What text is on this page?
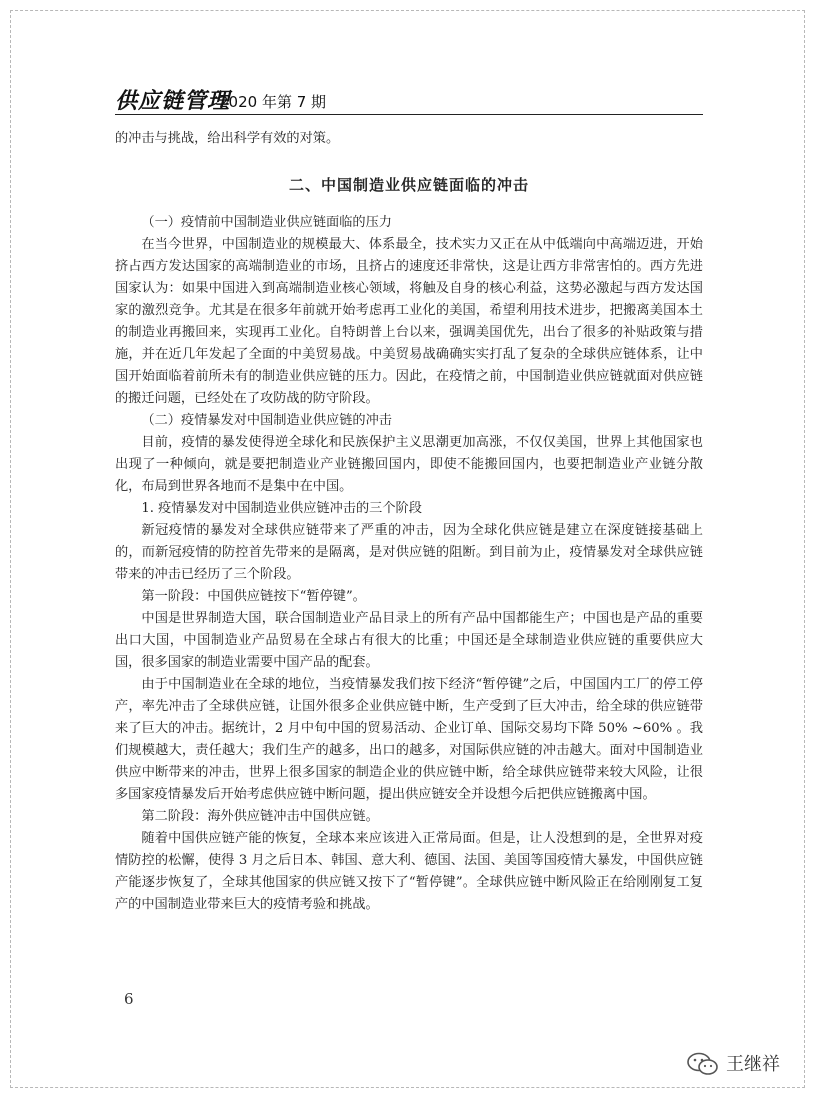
供应链管理
2020 年第 7 期

的冲击与挑战，给出科学有效的对策。

二、中国制造业供应链面临的冲击

（一）疫情前中国制造业供应链面临的压力

在当今世界，中国制造业的规模最大、体系最全，技术实力又正在从中低端向中高端迈进，开始挤占西方发达国家的高端制造业的市场，且挤占的速度还非常快，这是让西方非常害怕的。西方先进国家认为：如果中国进入到高端制造业核心领域，将触及自身的核心利益，这势必激起与西方发达国家的激烈竞争。尤其是在很多年前就开始考虑再工业化的美国，希望利用技术进步，把搬离美国本土的制造业再搬回来，实现再工业化。自特朗普上台以来，强调美国优先，出台了很多的补贴政策与措施，并在近几年发起了全面的中美贸易战。中美贸易战确确实实打乱了复杂的全球供应链体系，让中国开始面临着前所未有的制造业供应链的压力。因此，在疫情之前，中国制造业供应链就面对供应链的搬迁问题，已经处在了攻防战的防守阶段。

（二）疫情暴发对中国制造业供应链的冲击

目前，疫情的暴发使得逆全球化和民族保护主义思潮更加高涨，不仅仅美国，世界上其他国家也出现了一种倾向，就是要把制造业产业链搬回国内，即使不能搬回国内，也要把制造业产业链分散化，布局到世界各地而不是集中在中国。

1. 疫情暴发对中国制造业供应链冲击的三个阶段

新冠疫情的暴发对全球供应链带来了严重的冲击，因为全球化供应链是建立在深度链接基础上的，而新冠疫情的防控首先带来的是隔离，是对供应链的阻断。到目前为止，疫情暴发对全球供应链带来的冲击已经历了三个阶段。

第一阶段：中国供应链按下“暂停键”。

中国是世界制造大国，联合国制造业产品目录上的所有产品中国都能生产；中国也是产品的重要出口大国，中国制造业产品贸易在全球占有很大的比重；中国还是全球制造业供应链的重要供应大国，很多国家的制造业需要中国产品的配套。

由于中国制造业在全球的地位，当疫情暴发我们按下经济“暂停键”之后，中国国内工厂的停工停产，率先冲击了全球供应链，让国外很多企业供应链中断，生产受到了巨大冲击，给全球的供应链带来了巨大的冲击。据统计，2 月中旬中国的贸易活动、企业订单、国际交易均下降 50% ~60% 。我们规模越大，责任越大；我们生产的越多，出口的越多，对国际供应链的冲击越大。面对中国制造业供应中断带来的冲击，世界上很多国家的制造企业的供应链中断，给全球供应链带来较大风险，让很多国家疫情暴发后开始考虑供应链中断问题，提出供应链安全并设想今后把供应链搬离中国。

第二阶段：海外供应链冲击中国供应链。

随着中国供应链产能的恢复，全球本来应该进入正常局面。但是，让人没想到的是，全世界对疫情防控的松懈，使得 3 月之后日本、韩国、意大利、德国、法国、美国等国疫情大暴发，中国供应链产能逐步恢复了，全球其他国家的供应链又按下了“暂停键”。全球供应链中断风险正在给刚刚复工复产的中国制造业带来巨大的疫情考验和挑战。

6
王继祥
